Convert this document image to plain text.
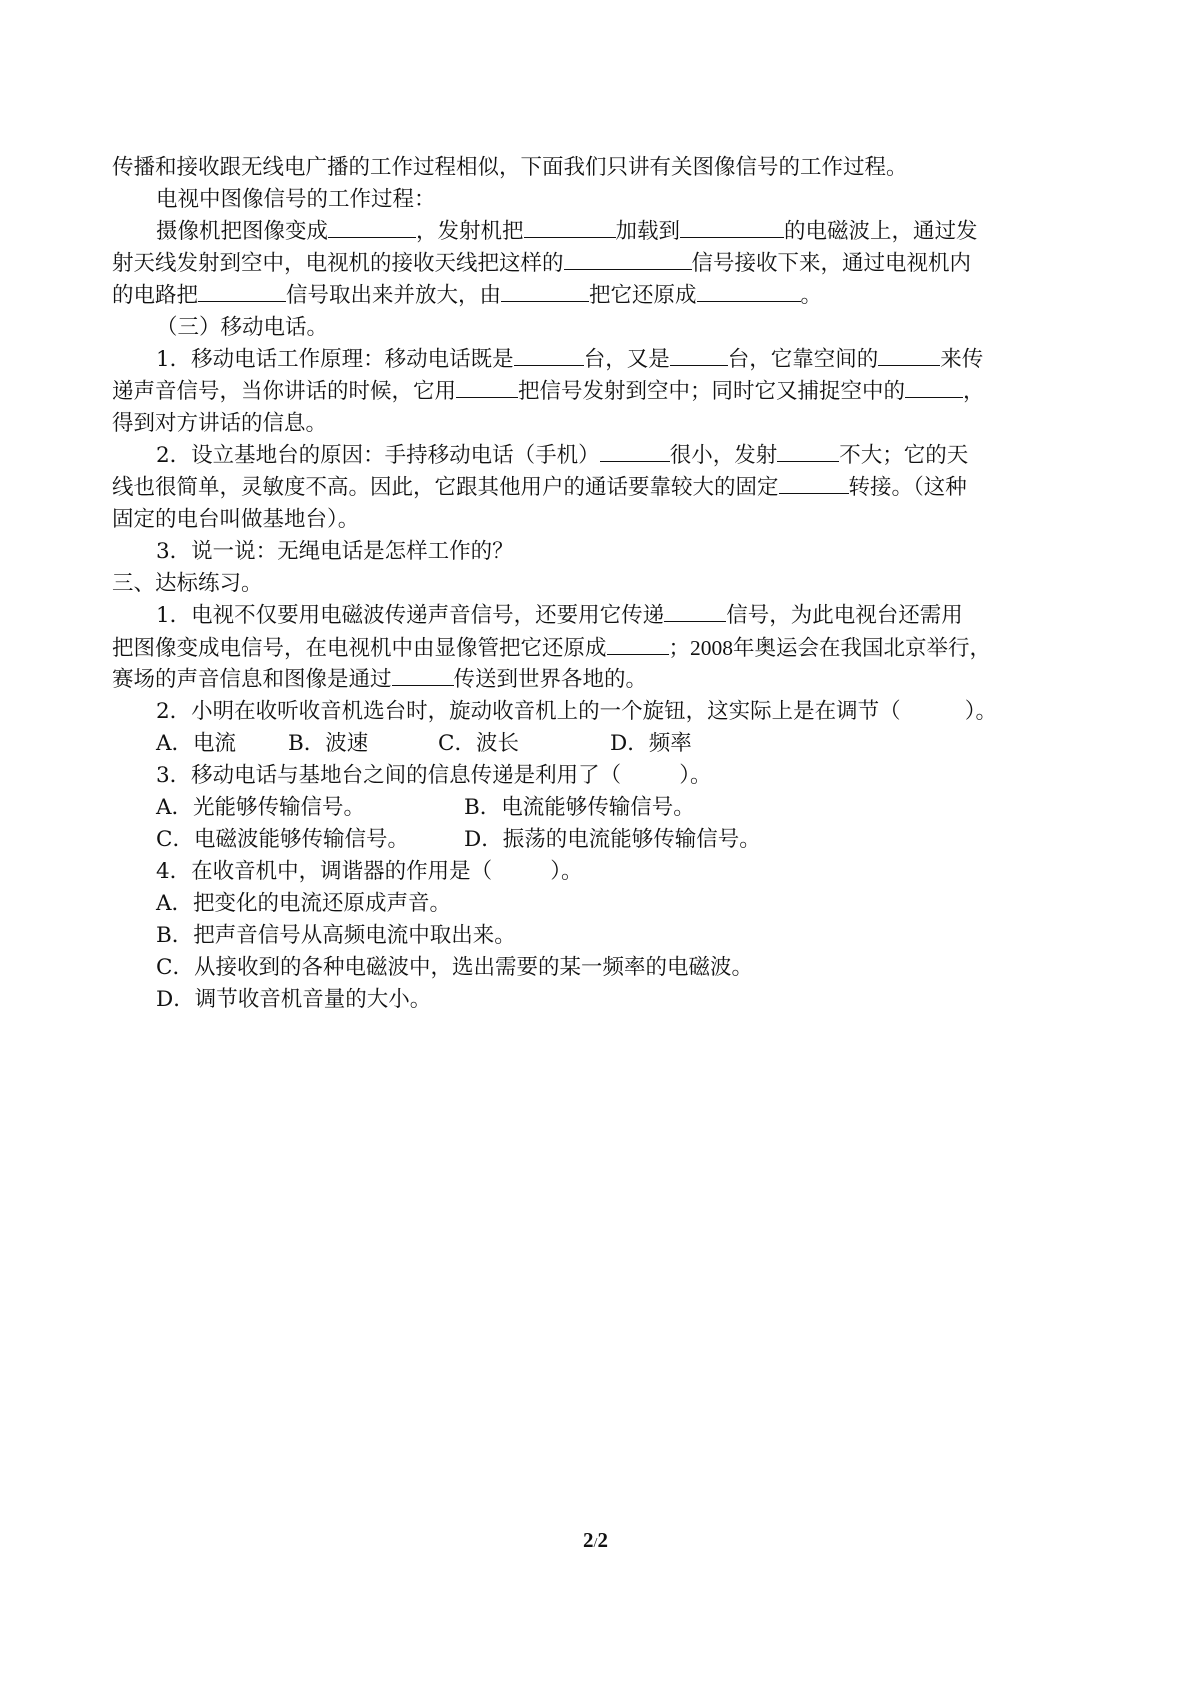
传播和接收跟无线电广播的工作过程相似，下面我们只讲有关图像信号的工作过程。
电视中图像信号的工作过程：
摄像机把图像变成	，发射机把	加载到	的电磁波上，通过发
射天线发射到空中，电视机的接收天线把这样的	信号接收下来，通过电视机内
的电路把	信号取出来并放大，由	把它还原成	。
（三）移动电话。
1．移动电话工作原理：移动电话既是	台，又是	台，它靠空间的	来传
递声音信号，当你讲话的时候，它用	把信号发射到空中；同时它又捕捉空中的	，
得到对方讲话的信息。
2．设立基地台的原因：手持移动电话（手机）	很小，发射	不大；它的天
线也很简单，灵敏度不高。因此，它跟其他用户的通话要靠较大的固定	转接。（这种
固定的电台叫做基地台）。
3．说一说：无绳电话是怎样工作的？
三、达标练习。
1．电视不仅要用电磁波传递声音信号，还要用它传递	信号，为此电视台还需用
把图像变成电信号，在电视机中由显像管把它还原成	；2008年奥运会在我国北京举行，
赛场的声音信息和图像是通过	传送到世界各地的。
2．小明在收听收音机选台时，旋动收音机上的一个旋钮，这实际上是在调节（	）。
A．电流 B．波速	C．波长	D．频率
3．移动电话与基地台之间的信息传递是利用了（	）。
A．光能够传输信号。	B．电流能够传输信号。
C．电磁波能够传输信号。	D．振荡的电流能够传输信号。
4．在收音机中，调谐器的作用是（	）。
A．把变化的电流还原成声音。
B．把声音信号从高频电流中取出来。
C．从接收到的各种电磁波中，选出需要的某一频率的电磁波。
D．调节收音机音量的大小。
2/2
